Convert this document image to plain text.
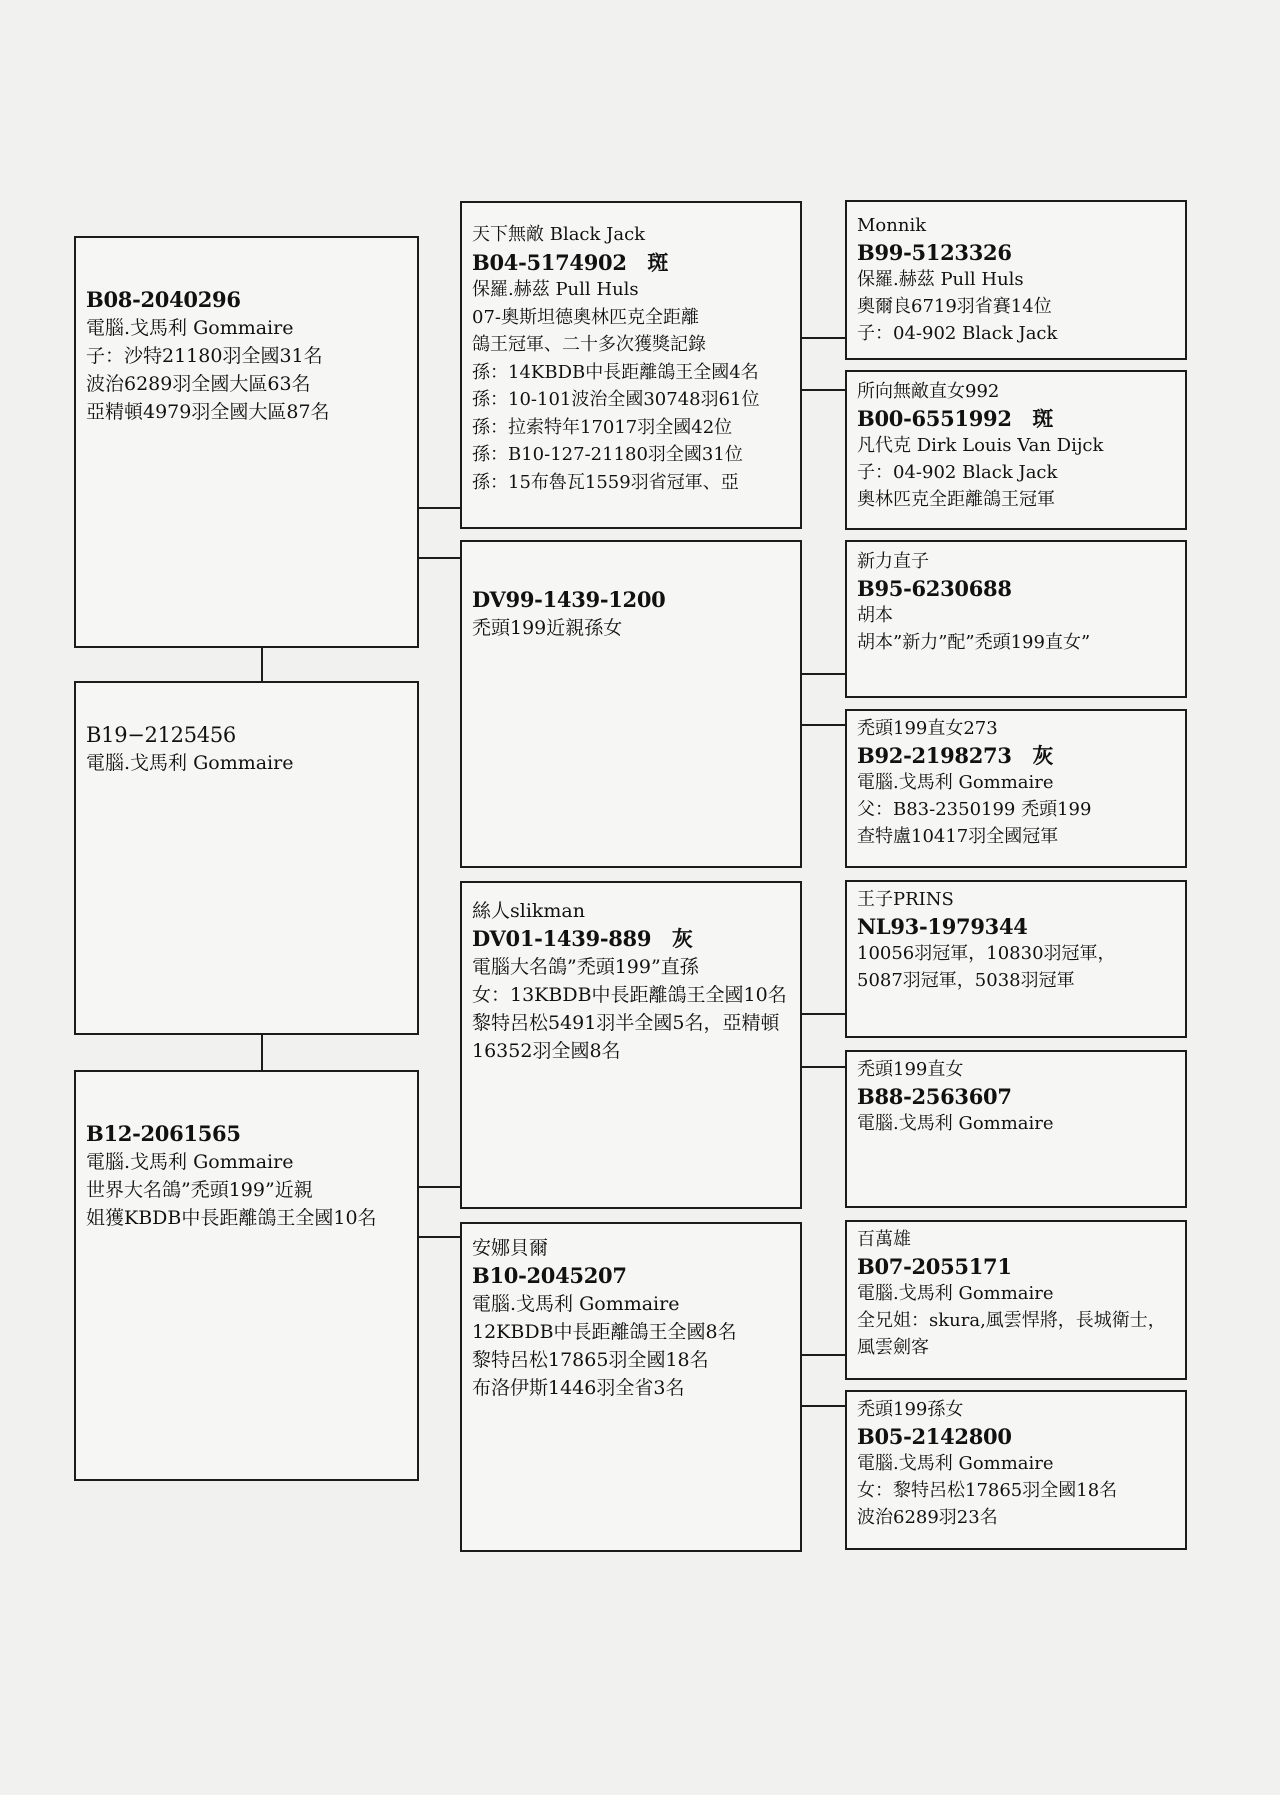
B08-2040296
電腦.戈馬利 Gommaire
子：沙特21180羽全國31名
波治6289羽全國大區63名
亞精頓4979羽全國大區87名
B19−2125456
電腦.戈馬利 Gommaire
B12-2061565
電腦.戈馬利 Gommaire
世界大名鴿”禿頭199”近親
姐獲KBDB中長距離鴿王全國10名
天下無敵 Black Jack
B04-5174902　斑
保羅.赫茲 Pull Huls
07-奧斯坦德奧林匹克全距離
鴿王冠軍、二十多次獲獎記錄
孫：14KBDB中長距離鴿王全國4名
孫：10-101波治全國30748羽61位
孫：拉索特年17017羽全國42位
孫：B10-127-21180羽全國31位
孫：15布魯瓦1559羽省冠軍、亞
DV99-1439-1200
禿頭199近親孫女
絲人slikman
DV01-1439-889　灰
電腦大名鴿”禿頭199”直孫
女：13KBDB中長距離鴿王全國10名
黎特呂松5491羽半全國5名，亞精頓16352羽全國8名
安娜貝爾
B10-2045207
電腦.戈馬利 Gommaire
12KBDB中長距離鴿王全國8名
黎特呂松17865羽全國18名
布洛伊斯1446羽全省3名
Monnik
B99-5123326
保羅.赫茲 Pull Huls
奧爾良6719羽省賽14位
子：04-902 Black Jack
所向無敵直女992
B00-6551992　斑
凡代克 Dirk Louis Van Dijck
子：04-902 Black Jack
奧林匹克全距離鴿王冠軍
新力直子
B95-6230688
胡本
胡本”新力”配”禿頭199直女”
禿頭199直女273
B92-2198273　灰
電腦.戈馬利 Gommaire
父：B83-2350199 禿頭199
查特盧10417羽全國冠軍
王子PRINS
NL93-1979344
10056羽冠軍，10830羽冠軍，
5087羽冠軍，5038羽冠軍
禿頭199直女
B88-2563607
電腦.戈馬利 Gommaire
百萬雄
B07-2055171
電腦.戈馬利 Gommaire
全兄姐：skura,風雲悍將，長城衛士，風雲劍客
禿頭199孫女
B05-2142800
電腦.戈馬利 Gommaire
女：黎特呂松17865羽全國18名
波治6289羽23名
